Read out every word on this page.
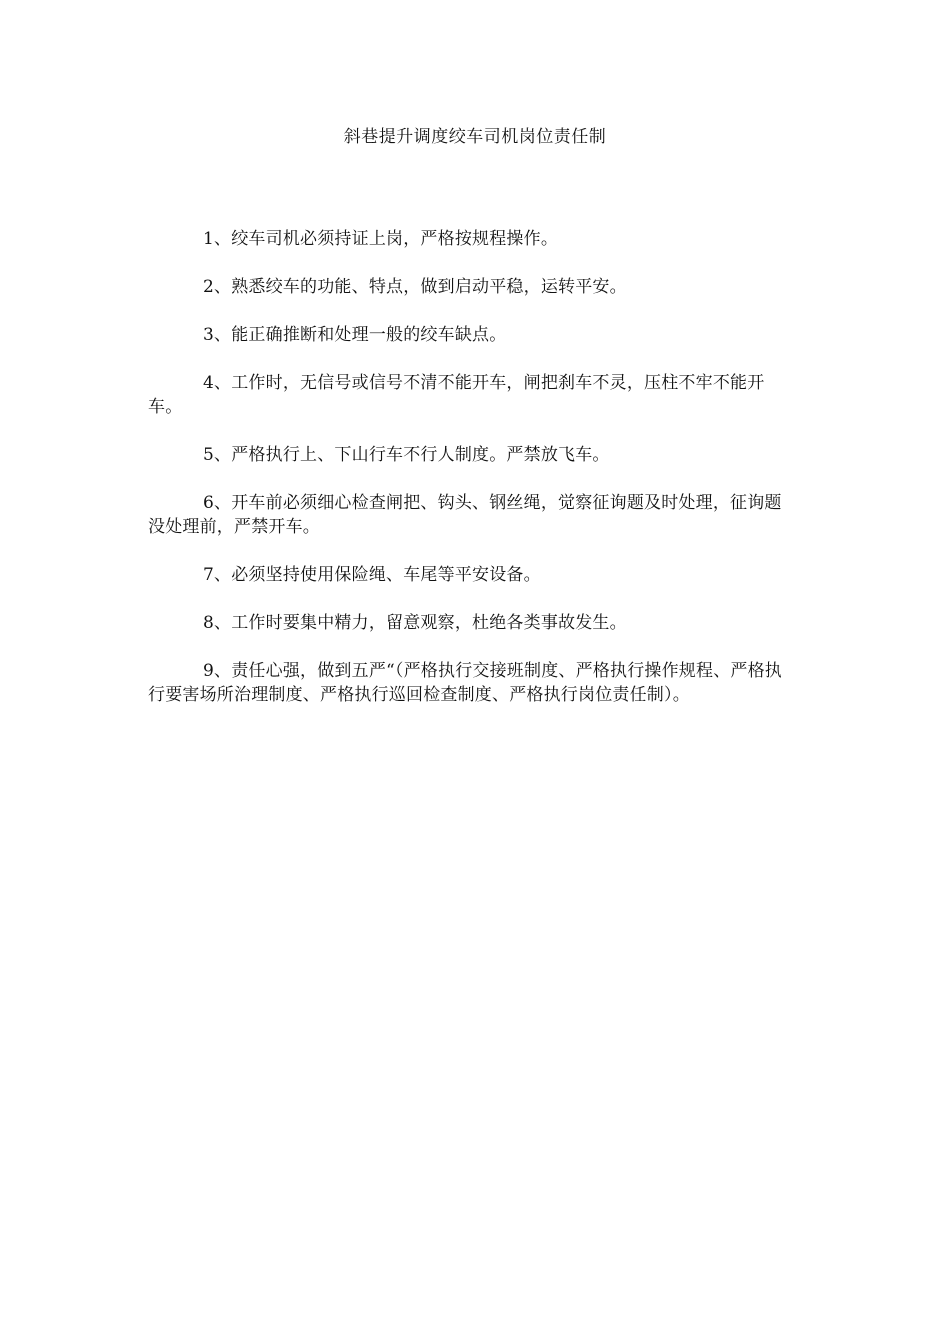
斜巷提升调度绞车司机岗位责任制
1、绞车司机必须持证上岗，严格按规程操作。
2、熟悉绞车的功能、特点，做到启动平稳，运转平安。
3、能正确推断和处理一般的绞车缺点。
4、工作时，无信号或信号不清不能开车，闸把刹车不灵，压柱不牢不能开车。
5、严格执行上、下山行车不行人制度。严禁放飞车。
6、开车前必须细心检查闸把、钩头、钢丝绳，觉察征询题及时处理，征询题没处理前，严禁开车。
7、必须坚持使用保险绳、车尾等平安设备。
8、工作时要集中精力，留意观察，杜绝各类事故发生。
9、责任心强，做到五严“（严格执行交接班制度、严格执行操作规程、严格执行要害场所治理制度、严格执行巡回检查制度、严格执行岗位责任制）。
